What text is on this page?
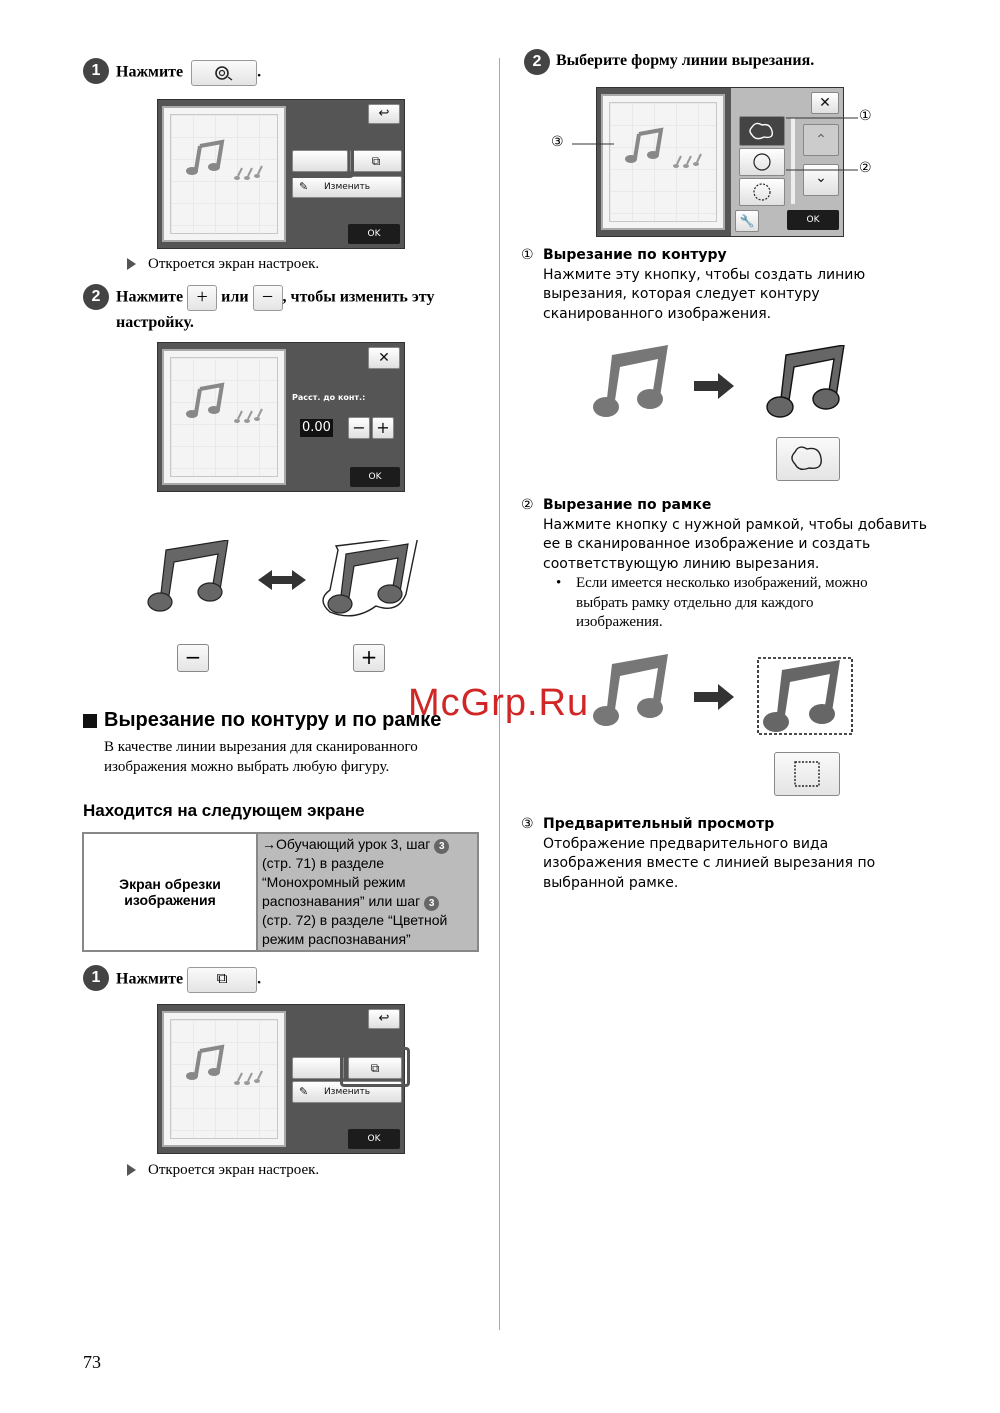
1 Нажмите	.
↩
⧉
✎ Изменить
OK
Откроется экран настроек.
2 Нажмите + или − , чтобы изменить эту
настройку.
✕
Расст. до конт.:
0.00 − +
OK
−	+
Вырезание по контуру и по рамке
В качестве линии вырезания для сканированного
изображения можно выбрать любую фигуру.
Находится на следующем экране
Экран обрезки
изображения

→Обучающий урок 3, шаг 3
(стр. 71) в разделе
“Монохромный режим
распознавания” или шаг 3
(стр. 72) в разделе “Цветной
режим распознавания”
1 Нажмите ⧉ .
↩
⧉
✎ Изменить
OK
Откроется экран настроек.
73
2 Выберите форму линии вырезания.
✕
⌃
⌄
🔧	OK
①
②
③
① Вырезание по контуру
Нажмите эту кнопку, чтобы создать линию
вырезания, которая следует контуру
сканированного изображения.
② Вырезание по рамке
Нажмите кнопку с нужной рамкой, чтобы добавить
ее в сканированное изображение и создать
соответствующую линию вырезания.
• Если имеется несколько изображений, можно
выбрать рамку отдельно для каждого
изображения.
③ Предварительный просмотр
Отображение предварительного вида
изображения вместе с линией вырезания по
выбранной рамке.
McGrp.Ru
